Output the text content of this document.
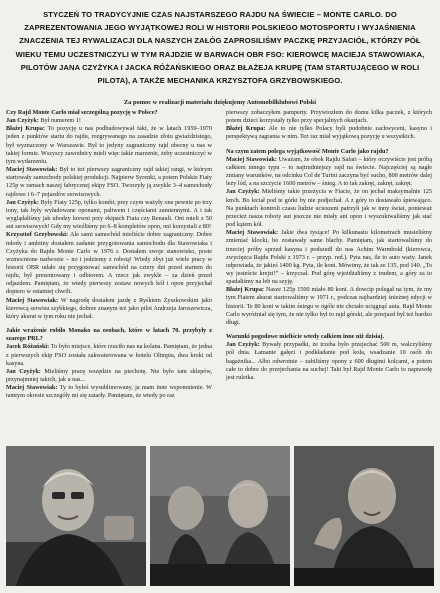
STYCZEŃ TO TRADYCYJNIE CZAS NAJSTARSZEGO RAJDU NA ŚWIECIE – MONTE CARLO. DO ZAPREZENTOWANIA JEGO WYJĄTKOWEJ ROLI W HISTORII POLSKIEGO MOTOSPORTU I WYJAŚNIENIA ZNACZENIA TEJ RYWALIZACJI DLA NASZYCH ZAŁÓG ZAPROSILIŚMY PACZKĘ PRZYJACIÓŁ, KTÓRZY PÓŁ WIEKU TEMU UCZESTNICZYLI W TYM RAJDZIE W BARWACH OBR FSO: KIEROWCĘ MACIEJA STAWOWIAKA, PILOTÓW JANA CZYŻYKA I JACKA RÓŻAŃSKIEGO ORAZ BŁAŻEJA KRUPĘ (TAM STARTUJĄCEGO W ROLI PILOTA), A TAKŻE MECHANIKA KRZYSZTOFA GRZYBOWSKIEGO.
Za pomoc w realizacji materiału dziękujemy Automobilklubowi Polski

Czy Rajd Monte Carlo miał szczególną pozycję w Polsce?

Jan Czyżyk: Był numerem 1!

Błażej Krupa: To pozycję u nas podbudowywał fakt, że w latach 1959–1970 jeden z punktów startu do rajdu, rozgrywanego na zasadzie złotu gwiaździstego, był wyznaczony w Warszawie. Był to jedyny zagraniczny rajd obecny u nas w takiej formie. Wszyscy zawodnicy mieli więc takie marzenie, żeby uczestniczyć w tym wydarzeniu.

Maciej Stawowiak: Był to też pierwszy zagraniczny rajd takiej rangi, w którym startowały samochody polskiej produkcji. Najpierw Syrenki, a potem Polskie Fiaty 125p w ramach naszej fabrycznej ekipy FSO. Tworzyły ją zwykle 3–4 samochody rajdowe i 6–7 pojazdów serwisowych.

Jan Czyżyk: Były Fiaty 125p, tylko kombi, przy czym ważyły one pewnie po trzy tony, tak były wyładowane oponami, paliwem i częściami zamiennymi. A i tak wyglądaliśmy jak ubodzy krewni przy ekipach Fiata czy Renault. Oni mieli z 50 aut serwisowych! Gdy my wieźliśmy po 6–8 kompletów opon, oni korzystali z 80!

Krzysztof Grzybowski: Ale sami samochód mieliście dobre zagraniczny. Dobre młody i ambitny dostałem zadanie przygotowania samochodu dla Stawowiaka i Czyżyka do Rajdu Monte Carlo w 1976 r. Dostałem swoje stanowisko, poste wzmocnione nadwozie – no i jedziemy z robotą! Wtedy zbyt już wiele pracy w historii OBR udało się przygotować samochód na cztery dni przed startem do rajdu, był prezentowany i odbiorem. A rzecz jak zwykle – za dzień przed odjazdem. Pamiętam, że wtedy pierwszy zestaw nowych kół i opon przyjechał dopiero w ostatniej chwili.

Maciej Stawowiak: W nagrodę dostałem jazdę z Ryśkiem Żyszkowskim jako kierowcą serwisu szybkiego, dobrze znanym też jako pilot Andrzeja Jaroszewicza, który akurat w tym roku nie jechał.

Jakie wrażenie robiło Monako na osobach, które w latach 70. przybyły z szarego PRL?

Jacek Różański: To było miejsce, które rzuciło nas na kolana. Pamiętam, że jedna z pierwszych ekip FSO została zakwaterowana w hotelu Olimpia, dwa kroki od kasyna.

Jan Czyżyk: Mieliśmy pracę wszędzie na piechotę. Nie było tam sklepów, przynajmniej takich, jak u nas...

Maciej Stawowiak: Ty to byłeś wysublimowany, ja mam inne wspomnienie. W tamtym okresie szczegóły mi się zatarły. Pamiętam, że wtedy po raz

pierwszy zobaczyłem pamperty. Przywiozłem do domu kilka paczek, z których potem dzieci korzystały tylko przy specjalnych okazjach.

Błażej Krupa: Ale to nie tylko Polacy byli podobnie zachwyceni, kasyno i perspektywą zagrania w nim. Też raz miał wyjątkową pozycję u wszystkich.

Na czym zatem polega wyjątkowość Monte Carlo jako rajdu?

Maciej Stawowiak: Uważam, że obok Rajdu Safari – który oczywiście jest próbą całkiem innego typu – to najtrudniejszy rajd na świecie. Najczęściej są nagłe zmiany warunków, na odcinku Col de Turini zaczyna być sucho, 800 metrów dalej leży lód, a na szczycie 1600 metrów – śnieg. A to tak zakręt, zakręt, zakręt.

Jan Czyżyk: Mieliśmy takie przeżycia w Fiacie, że on jechał maksymalnie 125 km/h. Bo leciał pod te górki by nie podjechał. A z góry to dostawało śpiewająco. Na punktach kontroli czasu ludzie ucieszeni patrzyli jak w inny świat, ponieważ przecież nasza roboty aut jeszcze nie miały ani opon i wyszukiwaliśmy jak stać pod kątem kół.

Maciej Stawowiak: Jakie dwa tysiące! Po kilkunastu kilometrach musieliśmy zmieniać klocki, bo zostawały same blachy. Pamiętam, jak startowaliśmy do trzeciej próby sprzed kasyna i podszedł do nas Achim Warmbold (kierowca, zwycięzca Rajdu Polski z 1973 r. – przyp. red.). Pyta nas, ile to auto waży. Janek odpowiada, że jakieś 1400 kg. Pyta, ile koni. Mówimy, że tak ze 135, pod 140. „To wy jesteście krejzi!” – krzyczał. Pod górę wjeżdżaliśmy z trudem, a góry za to spadaliśmy na łeb na szyję.

Błażej Krupa: Nasze 125p 1500 miało 80 koni. A dowcip polegał na tym, że my tym Fiatem akurat startowaliśmy w 1971 r., podczas najbardziej śnieżnej edycji w historii. Te 80 koni w takim śniegu w ogóle nie chciało uciągnąć auta. Rajd Monte Carlo wyróżniał się tym, że nie tylko był to rajd górski, ale przejazd był też bardzo długi.

Warunki pogodowe mieliście wtedy całkiem inne niż dzisiaj.

Jan Czyżyk: Bywały przypadki, że trzeba było przejechać 500 m, walczyliśmy pół dnia. Łamanie gałęzi i podkładanie pod koła, wsadzanie 10 osób do bagażnika... Albo odwrotnie – zabiliśmy opony z 600 długimi kolcami, a potem całe to dobre do przejechania na suchej! Taki był Rajd Monte Carlo to naprawdę jest ruletka.
